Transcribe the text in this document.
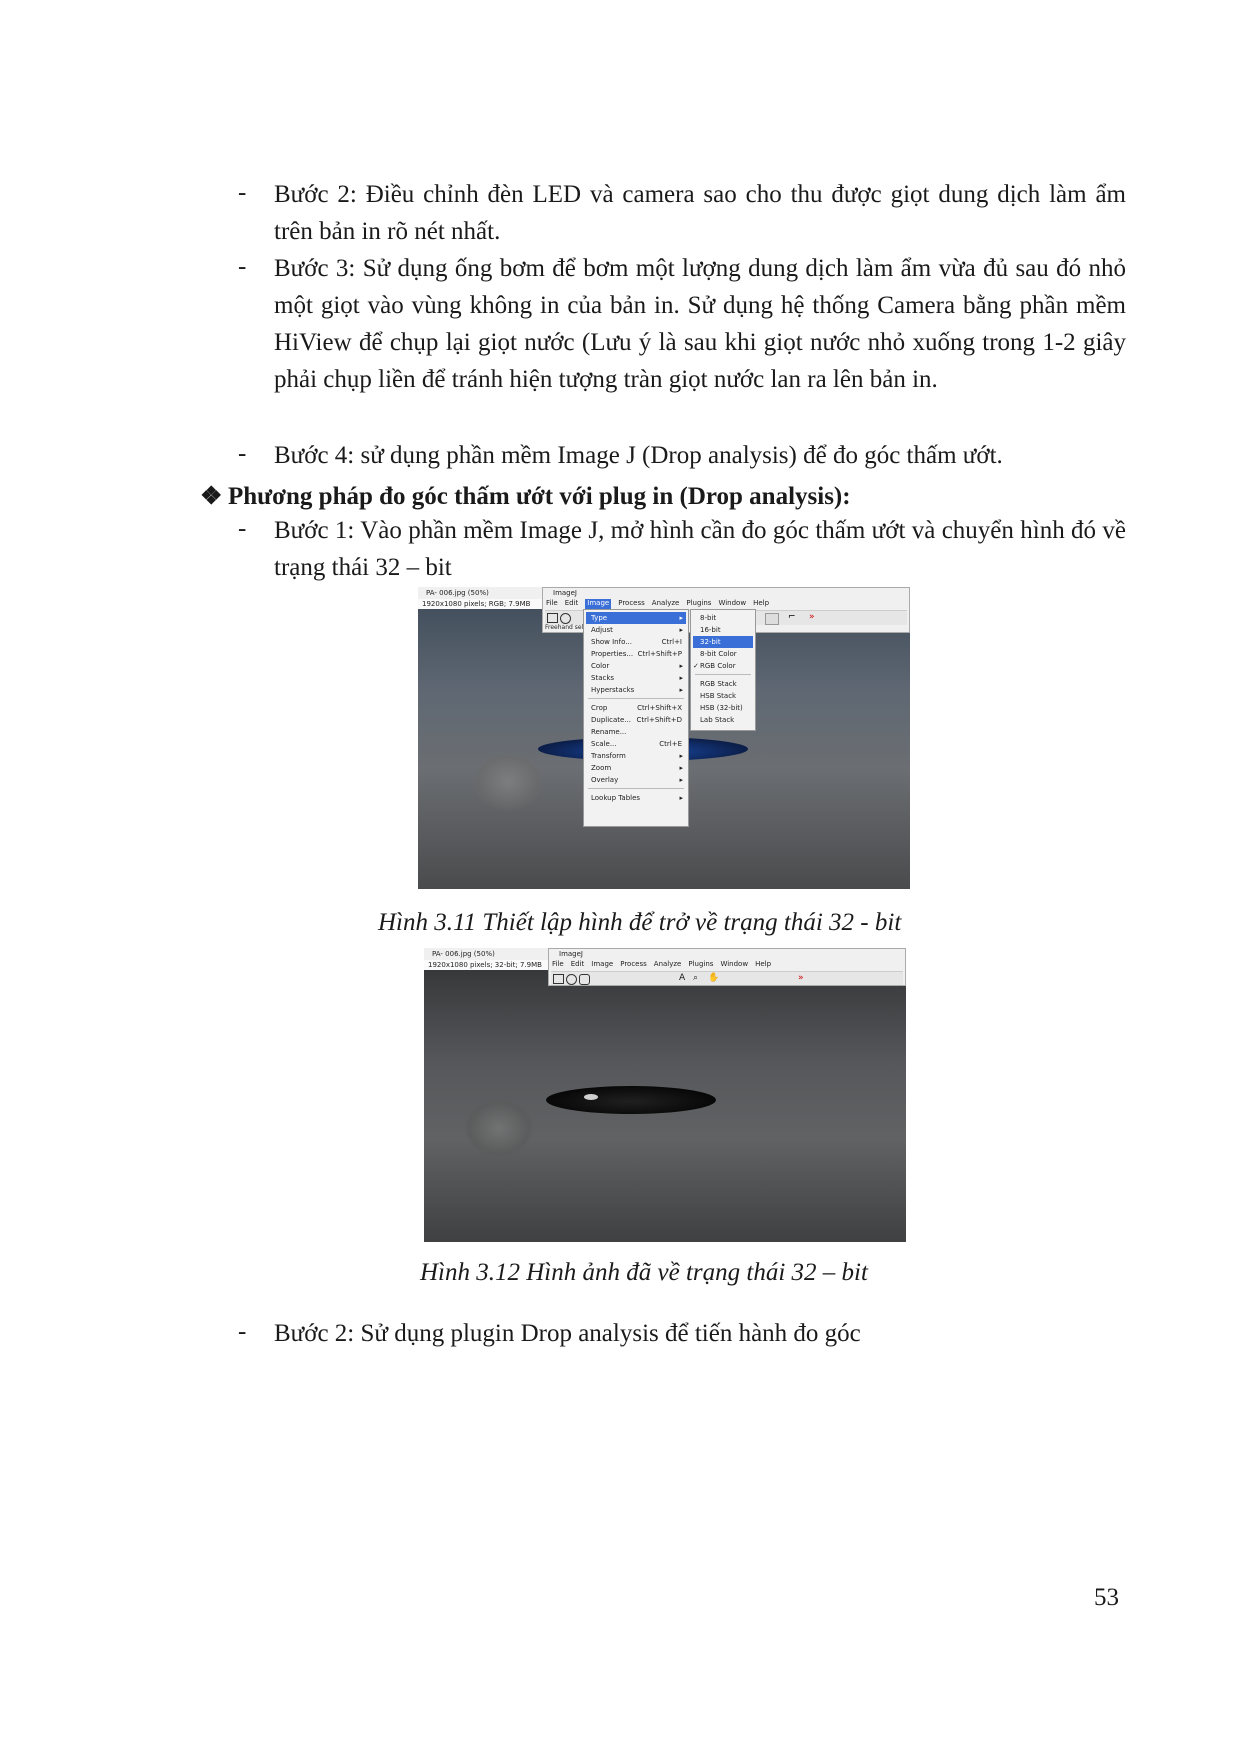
- Bước 2: Điều chỉnh đèn LED và camera sao cho thu được giọt dung dịch làm ẩm trên bản in rõ nét nhất.
- Bước 3: Sử dụng ống bơm để bơm một lượng dung dịch làm ẩm vừa đủ sau đó nhỏ một giọt vào vùng không in của bản in. Sử dụng hệ thống Camera bằng phần mềm HiView để chụp lại giọt nước (Lưu ý là sau khi giọt nước nhỏ xuống trong 1-2 giây phải chụp liền để tránh hiện tượng tràn giọt nước lan ra lên bản in.
- Bước 4: sử dụng phần mềm Image J (Drop analysis) để đo góc thấm ướt.
❖ Phương pháp đo góc thấm ướt với plug in (Drop analysis):
- Bước 1: Vào phần mềm Image J, mở hình cần đo góc thấm ướt và chuyển hình đó về trạng thái 32 – bit
PA- 006.jpg (50%)
1920x1080 pixels; RGB; 7.9MB
ImageJ
File Edit Image Process Analyze Plugins Window Help
⌐ »
Freehand sel
Type	▸
Adjust	▸
Show Info...	Ctrl+I
Properties... Ctrl+Shift+P
Color	▸
Stacks	▸
Hyperstacks	▸
Crop	Ctrl+Shift+X
Duplicate... Ctrl+Shift+D
Rename...
Scale...	Ctrl+E
Transform	▸
Zoom	▸
Overlay	▸
Lookup Tables	▸
8-bit
16-bit
32-bit
8-bit Color
✓ RGB Color
RGB Stack
HSB Stack
HSB (32-bit)
Lab Stack
Hình 3.11 Thiết lập hình để trở về trạng thái 32 - bit
PA- 006.jpg (50%)
1920x1080 pixels; 32-bit; 7.9MB
ImageJ
File Edit Image Process Analyze Plugins Window Help
A ⌕ ✋	»
Hình 3.12 Hình ảnh đã về trạng thái 32 – bit
- Bước 2: Sử dụng plugin Drop analysis để tiến hành đo góc
53
